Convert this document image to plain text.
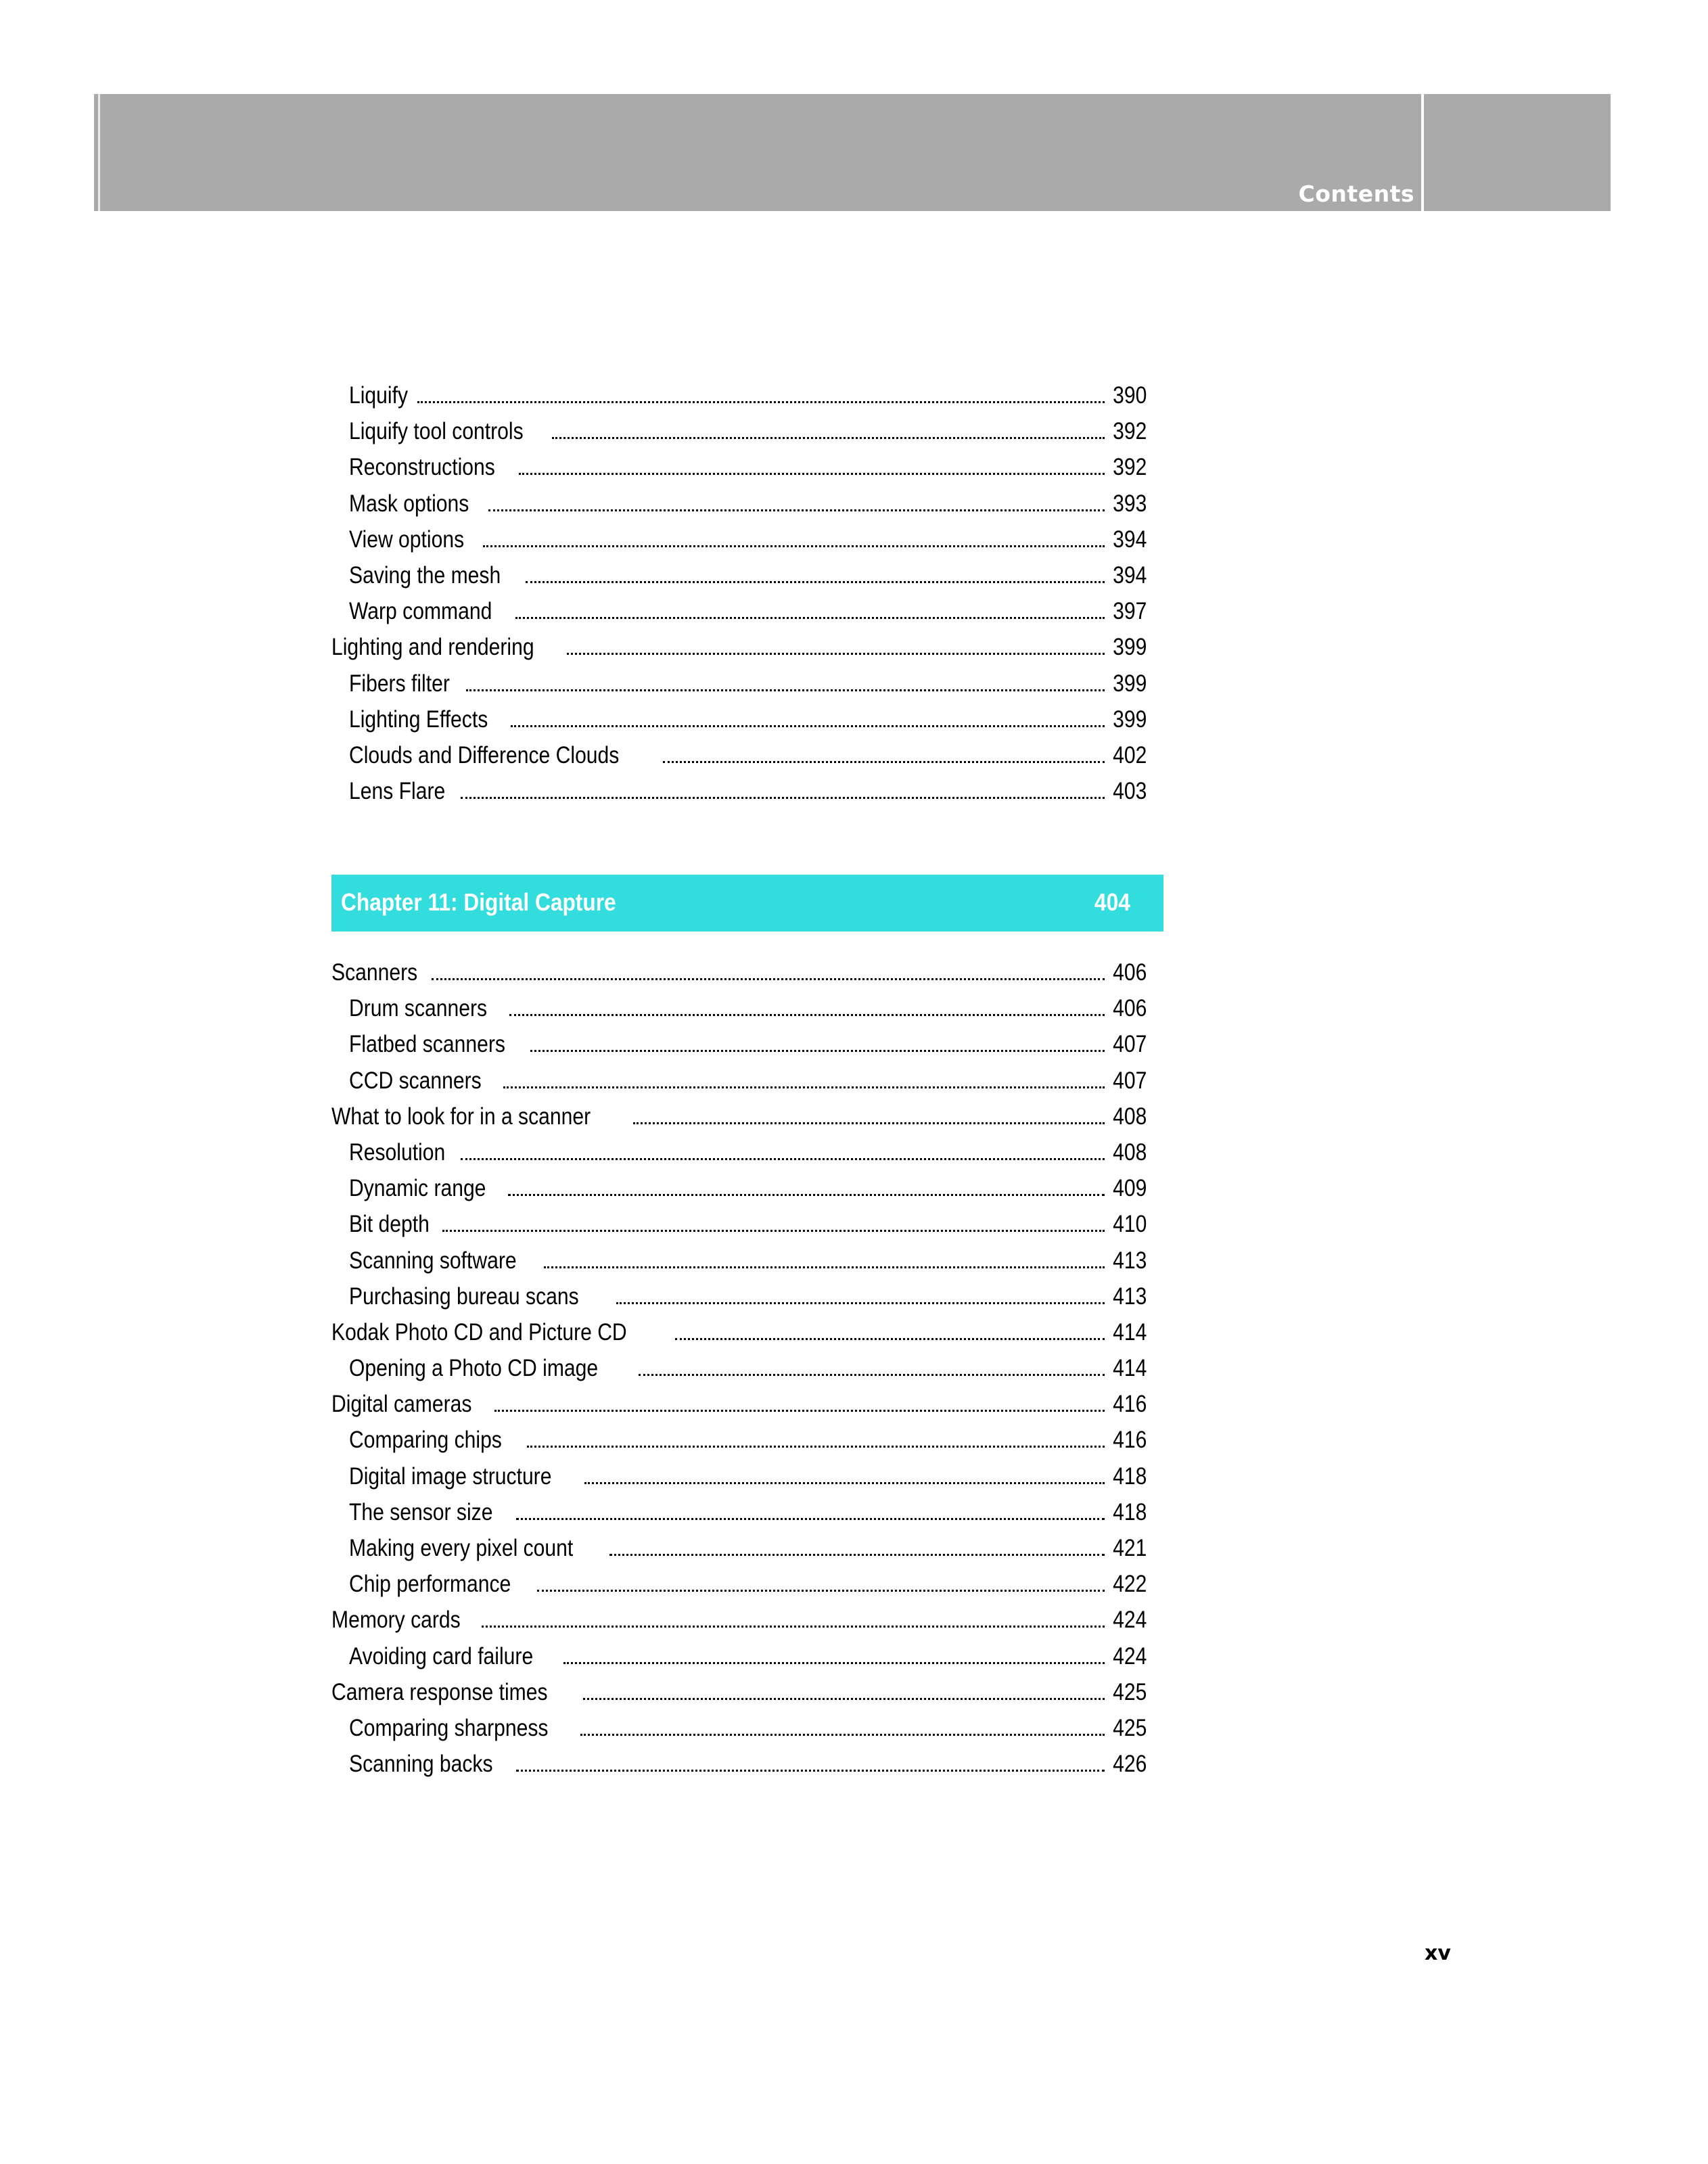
Contents
Liquify	390
Liquify tool controls	392
Reconstructions	392
Mask options	393
View options	394
Saving the mesh	394
Warp command	397
Lighting and rendering	399
Fibers filter	399
Lighting Effects	399
Clouds and Difference Clouds	402
Lens Flare	403
Chapter 11: Digital Capture	404
Scanners	406
Drum scanners	406
Flatbed scanners	407
CCD scanners	407
What to look for in a scanner	408
Resolution	408
Dynamic range	409
Bit depth	410
Scanning software	413
Purchasing bureau scans	413
Kodak Photo CD and Picture CD	414
Opening a Photo CD image	414
Digital cameras	416
Comparing chips	416
Digital image structure	418
The sensor size	418
Making every pixel count	421
Chip performance	422
Memory cards	424
Avoiding card failure	424
Camera response times	425
Comparing sharpness	425
Scanning backs	426
xv
